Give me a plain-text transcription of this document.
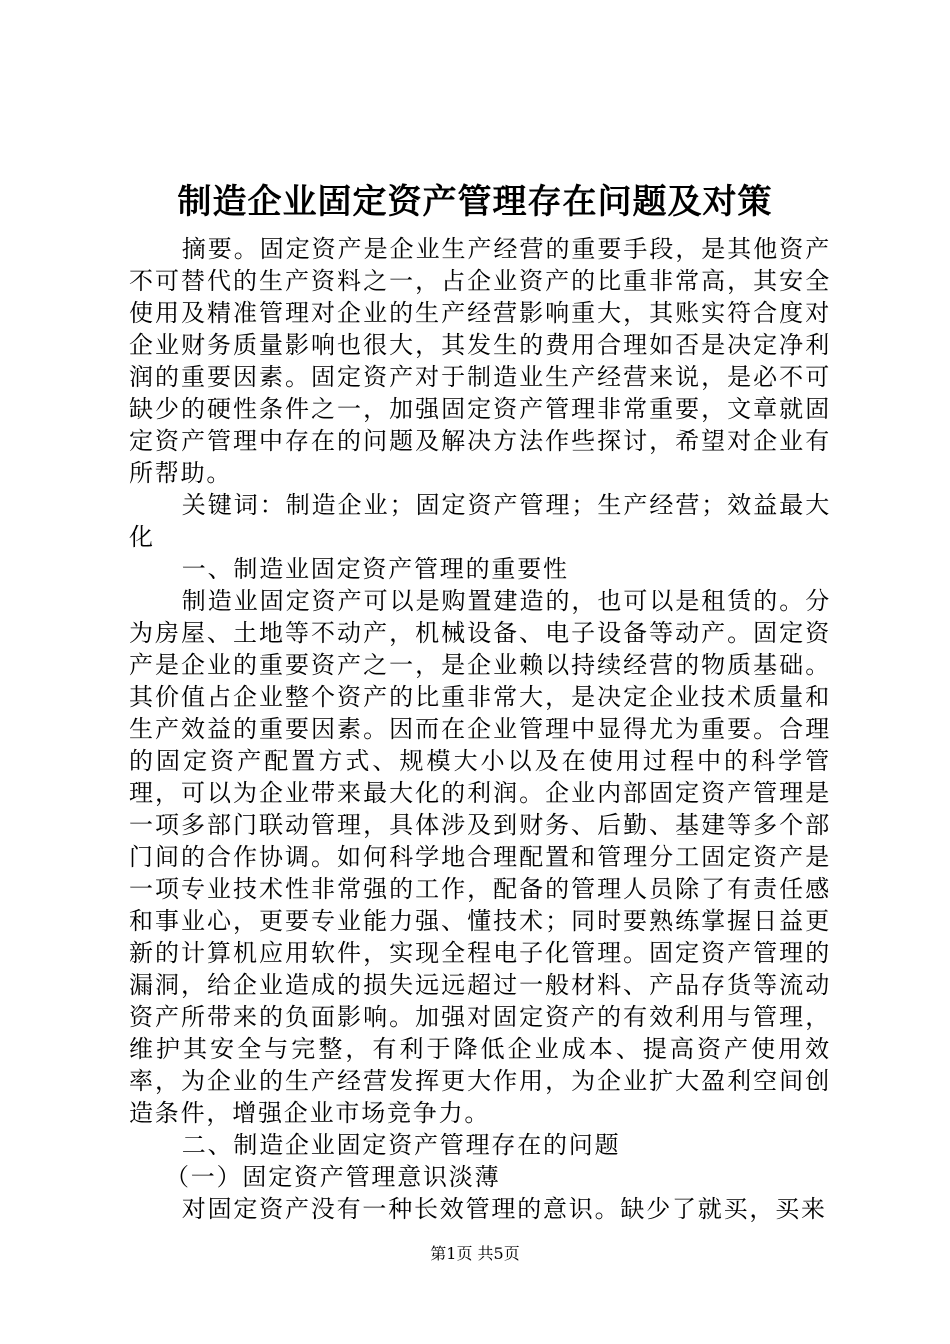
制造企业固定资产管理存在问题及对策

摘要。固定资产是企业生产经营的重要手段，是其他资产不可替代的生产资料之一，占企业资产的比重非常高，其安全使用及精准管理对企业的生产经营影响重大，其账实符合度对企业财务质量影响也很大，其发生的费用合理如否是决定净利润的重要因素。固定资产对于制造业生产经营来说，是必不可缺少的硬性条件之一，加强固定资产管理非常重要，文章就固定资产管理中存在的问题及解决方法作些探讨，希望对企业有所帮助。

关键词：制造企业；固定资产管理；生产经营；效益最大化

一、制造业固定资产管理的重要性

制造业固定资产可以是购置建造的，也可以是租赁的。分为房屋、土地等不动产，机械设备、电子设备等动产。固定资产是企业的重要资产之一，是企业赖以持续经营的物质基础。其价值占企业整个资产的比重非常大，是决定企业技术质量和生产效益的重要因素。因而在企业管理中显得尤为重要。合理的固定资产配置方式、规模大小以及在使用过程中的科学管理，可以为企业带来最大化的利润。企业内部固定资产管理是一项多部门联动管理，具体涉及到财务、后勤、基建等多个部门间的合作协调。如何科学地合理配置和管理分工固定资产是一项专业技术性非常强的工作，配备的管理人员除了有责任感和事业心，更要专业能力强、懂技术；同时要熟练掌握日益更新的计算机应用软件，实现全程电子化管理。固定资产管理的漏洞，给企业造成的损失远远超过一般材料、产品存货等流动资产所带来的负面影响。加强对固定资产的有效利用与管理，维护其安全与完整，有利于降低企业成本、提高资产使用效率，为企业的生产经营发挥更大作用，为企业扩大盈利空间创造条件，增强企业市场竞争力。

二、制造企业固定资产管理存在的问题

（一）固定资产管理意识淡薄

对固定资产没有一种长效管理的意识。缺少了就买，买来

第1页 共5页
